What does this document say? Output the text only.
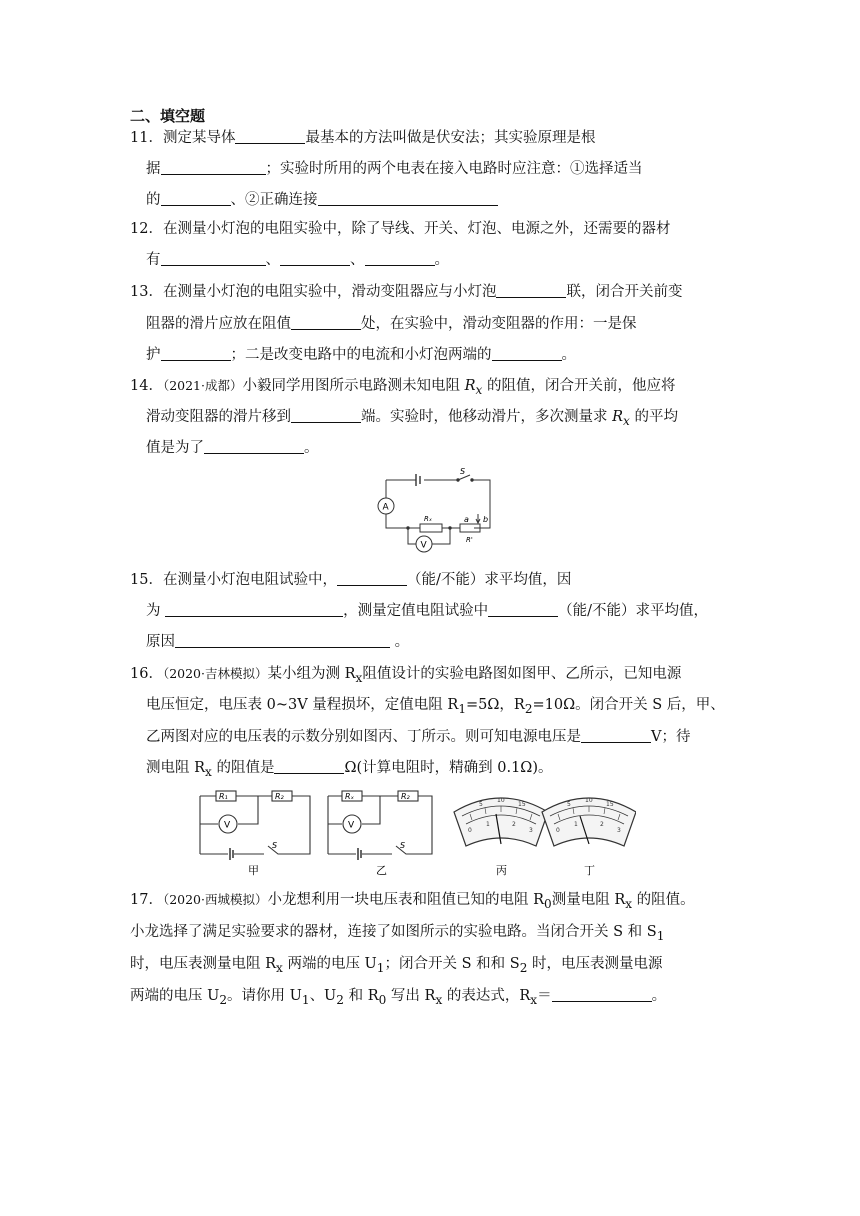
二、填空题
11．测定某导体	最基本的方法叫做是伏安法；其实验原理是根
据	；实验时所用的两个电表在接入电路时应注意：①选择适当
的	、②正确连接
12．在测量小灯泡的电阻实验中，除了导线、开关、灯泡、电源之外，还需要的器材
有	、	、	。
13．在测量小灯泡的电阻实验中，滑动变阻器应与小灯泡	联，闭合开关前变
阻器的滑片应放在阻值	处，在实验中，滑动变阻器的作用：一是保
护	；二是改变电路中的电流和小灯泡两端的	。
14．（2021·成都）小毅同学用图所示电路测未知电阻 $R_x$ 的阻值，闭合开关前，他应将
滑动变阻器的滑片移到	端。实验时，他移动滑片，多次测量求 $R_x$ 的平均
值是为了	。
A
V
S
Rₓ	a b
R'
15．在测量小灯泡电阻试验中，	（能/不能）求平均值，因
为	，测量定值电阻试验中	（能/不能）求平均值，
原因	。
16．（2020·吉林模拟）某小组为测 $R_x$阻值设计的实验电路图如图甲、乙所示，已知电源
电压恒定，电压表 0~3V 量程损坏，定值电阻 $R_1=5\Omega$，$R_2=10\Omega$。闭合开关 S 后，甲、
乙两图对应的电压表的示数分别如图丙、丁所示。则可知电源电压是	V；待
测电阻 $R_x$ 的阻值是	Ω(计算电阻时，精确到 0.1Ω)。
R₁	R₂
V
S
甲
Rₓ	R₂
V
S
乙
5
10
15
0
1	2
3
丙
5
10
15
0
1	2
3
丁
17．（2020·西城模拟）小龙想利用一块电压表和阻值已知的电阻 $R_0$测量电阻 $R_x$ 的阻值。
小龙选择了满足实验要求的器材，连接了如图所示的实验电路。当闭合开关 S 和 $S_1$
时，电压表测量电阻 $R_x$ 两端的电压 $U_1$；闭合开关 S 和和 $S_2$ 时，电压表测量电源
两端的电压 $U_2$。请你用 $U_1$、$U_2$ 和 $R_0$ 写出 $R_x$ 的表达式，$R_x=$	。
